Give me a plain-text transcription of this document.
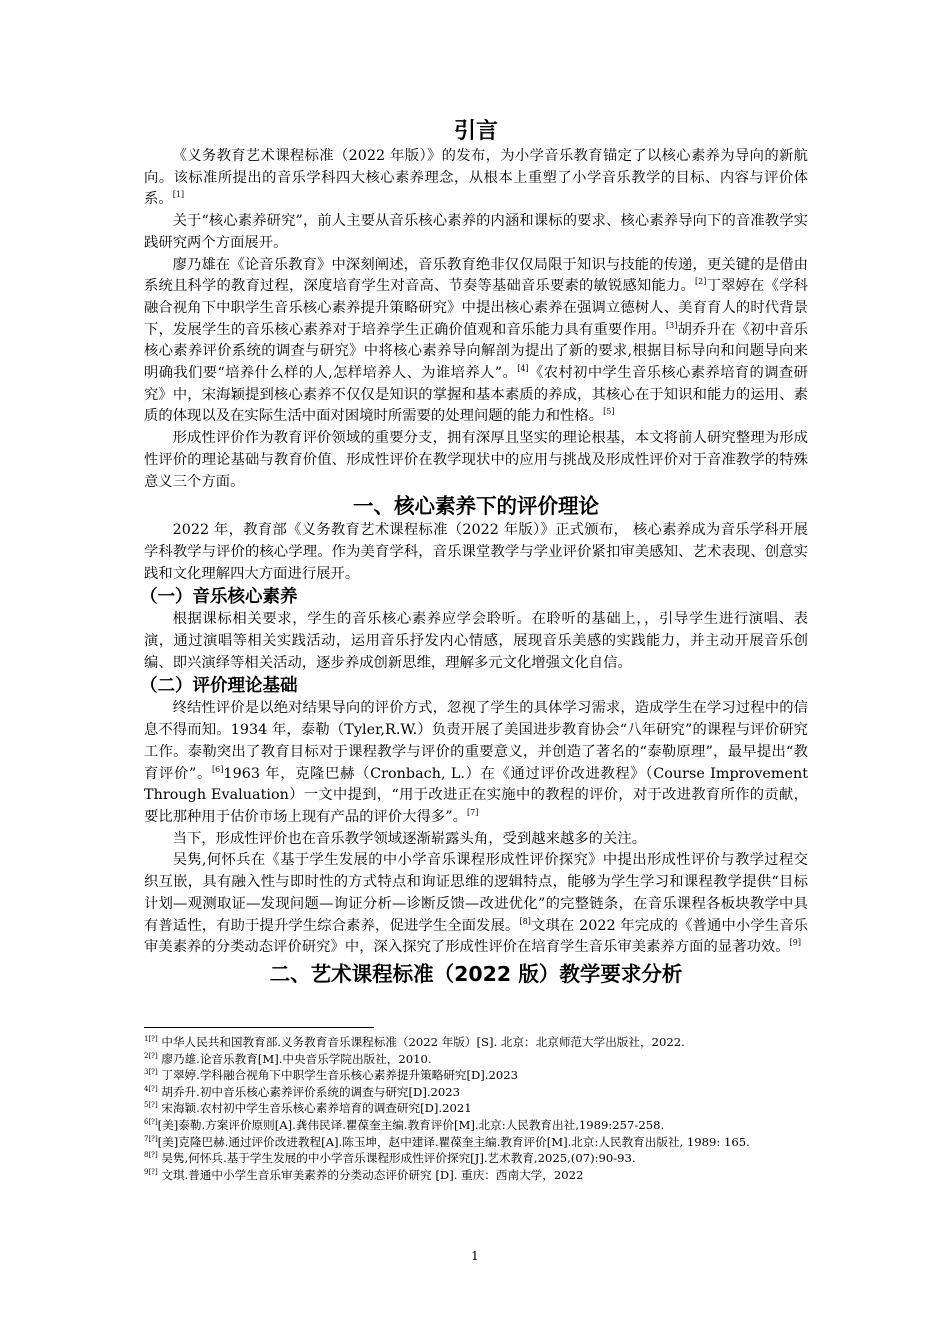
引言

《义务教育艺术课程标准（2022 年版）》的发布，为小学音乐教育锚定了以核心素养为导向的新航向。该标准所提出的音乐学科四大核心素养理念，从根本上重塑了小学音乐教学的目标、内容与评价体系。[1]

关于“核心素养研究”，前人主要从音乐核心素养的内涵和课标的要求、核心素养导向下的音准教学实践研究两个方面展开。

廖乃雄在《论音乐教育》中深刻阐述，音乐教育绝非仅仅局限于知识与技能的传递，更关键的是借由系统且科学的教育过程，深度培育学生对音高、节奏等基础音乐要素的敏锐感知能力。[2]丁翠婷在《学科融合视角下中职学生音乐核心素养提升策略研究》中提出核心素养在强调立德树人、美育育人的时代背景下，发展学生的音乐核心素养对于培养学生正确价值观和音乐能力具有重要作用。[3]胡乔升在《初中音乐核心素养评价系统的调查与研究》中将核心素养导向解剖为提出了新的要求,根据目标导向和问题导向来明确我们要“培养什么样的人,怎样培养人、为谁培养人”。[4]《农村初中学生音乐核心素养培育的调查研究》中，宋海颖提到核心素养不仅仅是知识的掌握和基本素质的养成，其核心在于知识和能力的运用、素质的体现以及在实际生活中面对困境时所需要的处理问题的能力和性格。[5]

形成性评价作为教育评价领域的重要分支，拥有深厚且坚实的理论根基，本文将前人研究整理为形成性评价的理论基础与教育价值、形成性评价在教学现状中的应用与挑战及形成性评价对于音准教学的特殊意义三个方面。

一、核心素养下的评价理论

2022 年，教育部《义务教育艺术课程标准（2022 年版）》正式颁布， 核心素养成为音乐学科开展学科教学与评价的核心学理。作为美育学科，音乐课堂教学与学业评价紧扣审美感知、艺术表现、创意实践和文化理解四大方面进行展开。

（一）音乐核心素养

根据课标相关要求，学生的音乐核心素养应学会聆听。在聆听的基础上，，引导学生进行演唱、表演，通过演唱等相关实践活动，运用音乐抒发内心情感，展现音乐美感的实践能力，并主动开展音乐创编、即兴演绎等相关活动，逐步养成创新思维，理解多元文化增强文化自信。

（二）评价理论基础

终结性评价是以绝对结果导向的评价方式，忽视了学生的具体学习需求，造成学生在学习过程中的信息不得而知。1934 年，泰勒（Tyler,R.W.）负责开展了美国进步教育协会“八年研究”的课程与评价研究工作。泰勒突出了教育目标对于课程教学与评价的重要意义，并创造了著名的“泰勒原理”，最早提出“教育评价”。[6]1963 年，克隆巴赫（Cronbach, L.）在《通过评价改进教程》（Course Improvement Through Evaluation）一文中提到，“用于改进正在实施中的教程的评价，对于改进教育所作的贡献，要比那种用于估价市场上现有产品的评价大得多”。[7]

当下，形成性评价也在音乐教学领域逐渐崭露头角，受到越来越多的关注。

吴隽,何怀兵在《基于学生发展的中小学音乐课程形成性评价探究》中提出形成性评价与教学过程交织互嵌，具有融入性与即时性的方式特点和询证思维的逻辑特点，能够为学生学习和课程教学提供“目标计划—观测取证—发现问题—询证分析—诊断反馈—改进优化”的完整链条，在音乐课程各板块教学中具有普适性，有助于提升学生综合素养，促进学生全面发展。[8]文琪在 2022 年完成的《普通中小学生音乐审美素养的分类动态评价研究》中，深入探究了形成性评价在培育学生音乐审美素养方面的显著功效。[9]

二、艺术课程标准（2022 版）教学要求分析

$^{1[?]}$ 中华人民共和国教育部.义务教育音乐课程标准（2022 年版）[S]. 北京：北京师范大学出版社，2022.

$^{2[?]}$ 廖乃雄.论音乐教育[M].中央音乐学院出版社，2010.

$^{3[?]}$ 丁翠婷.学科融合视角下中职学生音乐核心素养提升策略研究[D].2023

$^{4[?]}$ 胡乔升.初中音乐核心素养评价系统的调查与研究[D].2023

$^{5[?]}$ 宋海颖.农村初中学生音乐核心素养培育的调查研究[D].2021

$^{6[?]}$[美]泰勒.方案评价原则[A].龚伟民译.瞿葆奎主编.教育评价[M].北京:人民教育出社,1989:257-258.

$^{7[?]}$[美]克隆巴赫.通过评价改进教程[A].陈玉坤，赵中建译.瞿葆奎主编.教育评价[M].北京:人民教育出版社, 1989: 165.

$^{8[?]}$ 吴隽,何怀兵.基于学生发展的中小学音乐课程形成性评价探究[J].艺术教育,2025,(07):90-93.

$^{9[?]}$ 文琪.普通中小学生音乐审美素养的分类动态评价研究 [D]. 重庆：西南大学，2022

1
